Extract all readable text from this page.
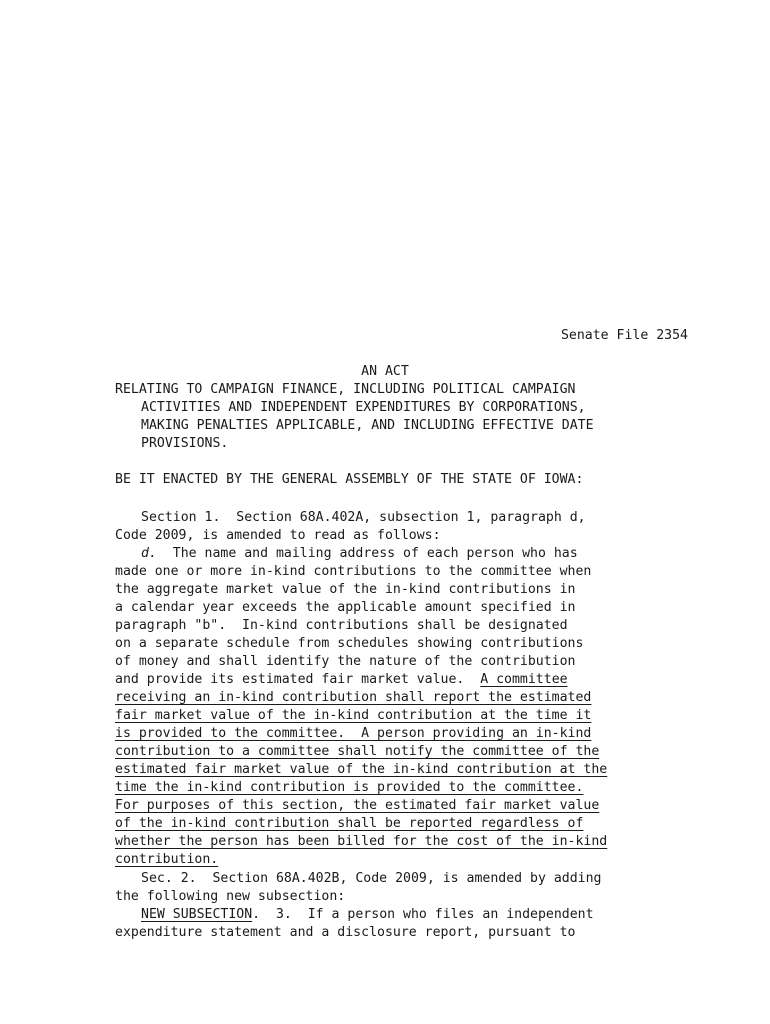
Senate File 2354
AN ACT
RELATING TO CAMPAIGN FINANCE, INCLUDING POLITICAL CAMPAIGN
ACTIVITIES AND INDEPENDENT EXPENDITURES BY CORPORATIONS,
MAKING PENALTIES APPLICABLE, AND INCLUDING EFFECTIVE DATE
PROVISIONS.
BE IT ENACTED BY THE GENERAL ASSEMBLY OF THE STATE OF IOWA:
Section 1.  Section 68A.402A, subsection 1, paragraph d,
Code 2009, is amended to read as follows:
d.  The name and mailing address of each person who has
made one or more in-kind contributions to the committee when
the aggregate market value of the in-kind contributions in
a calendar year exceeds the applicable amount specified in
paragraph "b".  In-kind contributions shall be designated
on a separate schedule from schedules showing contributions
of money and shall identify the nature of the contribution
and provide its estimated fair market value.  A committee
receiving an in-kind contribution shall report the estimated
fair market value of the in-kind contribution at the time it
is provided to the committee.  A person providing an in-kind
contribution to a committee shall notify the committee of the
estimated fair market value of the in-kind contribution at the
time the in-kind contribution is provided to the committee.
For purposes of this section, the estimated fair market value
of the in-kind contribution shall be reported regardless of
whether the person has been billed for the cost of the in-kind
contribution.
Sec. 2.  Section 68A.402B, Code 2009, is amended by adding
the following new subsection:
NEW SUBSECTION.  3.  If a person who files an independent
expenditure statement and a disclosure report, pursuant to
